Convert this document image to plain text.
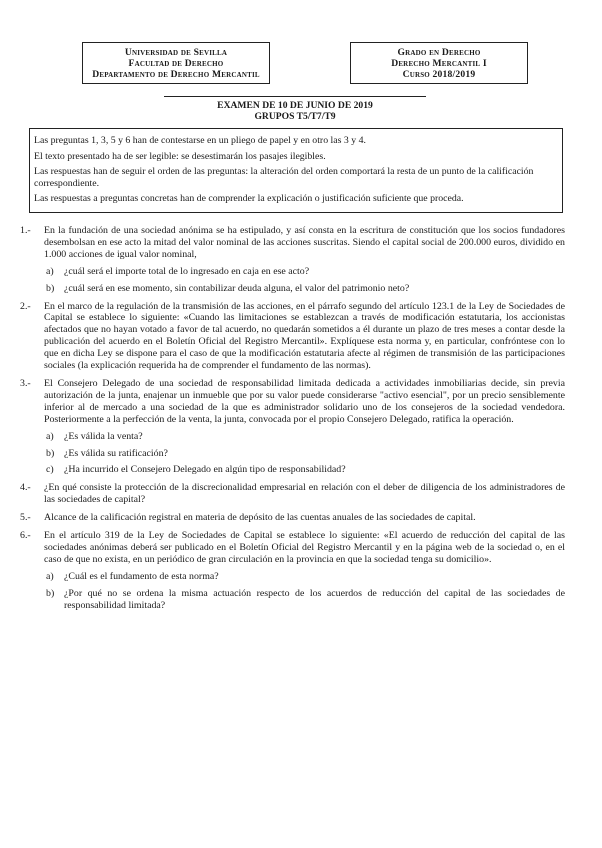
Universidad de Sevilla
Facultad de Derecho
Departamento de Derecho Mercantil
Grado en Derecho
Derecho Mercantil I
Curso 2018/2019
EXAMEN DE 10 DE JUNIO DE 2019
GRUPOS T5/T7/T9

Las preguntas 1, 3, 5 y 6 han de contestarse en un pliego de papel y en otro las 3 y 4.

El texto presentado ha de ser legible: se desestimarán los pasajes ilegibles.

Las respuestas han de seguir el orden de las preguntas: la alteración del orden comportará la resta de un punto de la calificación correspondiente.

Las respuestas a preguntas concretas han de comprender la explicación o justificación suficiente que proceda.

1.- En la fundación de una sociedad anónima se ha estipulado, y así consta en la escritura de constitución que los socios fundadores desembolsan en ese acto la mitad del valor nominal de las acciones suscritas. Siendo el capital social de 200.000 euros, dividido en 1.000 acciones de igual valor nominal,
a) ¿cuál será el importe total de lo ingresado en caja en ese acto?
b) ¿cuál será en ese momento, sin contabilizar deuda alguna, el valor del patrimonio neto?
2.- En el marco de la regulación de la transmisión de las acciones, en el párrafo segundo del artículo 123.1 de la Ley de Sociedades de Capital se establece lo siguiente: «Cuando las limitaciones se establezcan a través de modificación estatutaria, los accionistas afectados que no hayan votado a favor de tal acuerdo, no quedarán sometidos a él durante un plazo de tres meses a contar desde la publicación del acuerdo en el Boletín Oficial del Registro Mercantil». Explíquese esta norma y, en particular, confróntese con lo que en dicha Ley se dispone para el caso de que la modificación estatutaria afecte al régimen de transmisión de las participaciones sociales (la explicación requerida ha de comprender el fundamento de las normas).
3.- El Consejero Delegado de una sociedad de responsabilidad limitada dedicada a actividades inmobiliarias decide, sin previa autorización de la junta, enajenar un inmueble que por su valor puede considerarse "activo esencial", por un precio sensiblemente inferior al de mercado a una sociedad de la que es administrador solidario uno de los consejeros de la sociedad vendedora. Posteriormente a la perfección de la venta, la junta, convocada por el propio Consejero Delegado, ratifica la operación.
a) ¿Es válida la venta?
b) ¿Es válida su ratificación?
c) ¿Ha incurrido el Consejero Delegado en algún tipo de responsabilidad?
4.- ¿En qué consiste la protección de la discrecionalidad empresarial en relación con el deber de diligencia de los administradores de las sociedades de capital?
5.- Alcance de la calificación registral en materia de depósito de las cuentas anuales de las sociedades de capital.
6.- En el artículo 319 de la Ley de Sociedades de Capital se establece lo siguiente: «El acuerdo de reducción del capital de las sociedades anónimas deberá ser publicado en el Boletín Oficial del Registro Mercantil y en la página web de la sociedad o, en el caso de que no exista, en un periódico de gran circulación en la provincia en que la sociedad tenga su domicilio».
a) ¿Cuál es el fundamento de esta norma?
b) ¿Por qué no se ordena la misma actuación respecto de los acuerdos de reducción del capital de las sociedades de responsabilidad limitada?
